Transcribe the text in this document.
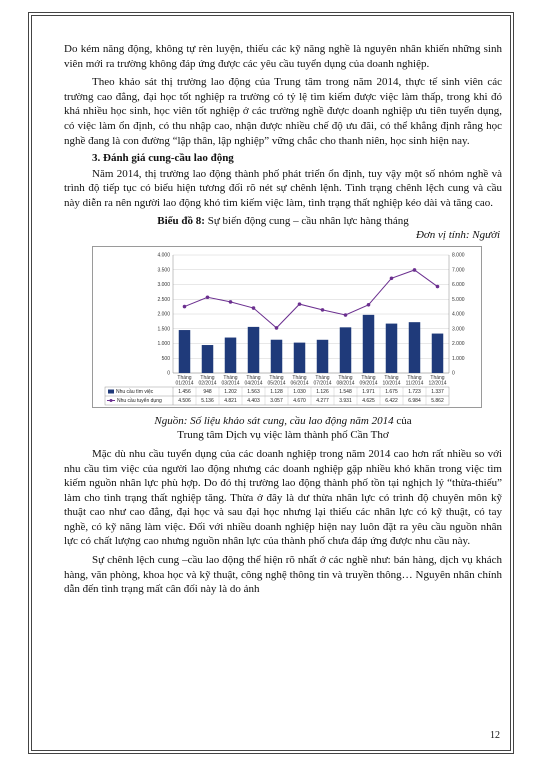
Do kém năng động, không tự rèn luyện, thiếu các kỹ năng nghề là nguyên nhân khiến những sinh viên mới ra trường không đáp ứng được các yêu cầu tuyển dụng của doanh nghiệp.

Theo khảo sát thị trường lao động của Trung tâm trong năm 2014, thực tế sinh viên các trường cao đẳng, đại học tốt nghiệp ra trường có tỷ lệ tìm kiếm được việc làm thấp, trong khi đó khá nhiều học sinh, học viên tốt nghiệp ở các trường nghề được doanh nghiệp ưu tiên tuyển dụng, có việc làm ổn định, có thu nhập cao, nhận được nhiều chế độ ưu đãi, có thể khẳng định rằng học nghề đang là con đường “lập thân, lập nghiệp” vững chắc cho thanh niên, học sinh hiện nay.

3. Đánh giá cung-cầu lao động

Năm 2014, thị trường lao động thành phố phát triển ổn định, tuy vậy một số nhóm nghề và trình độ tiếp tục có biểu hiện tương đối rõ nét sự chênh lệnh. Tình trạng chênh lệch cung và cầu này diễn ra nên người lao động khó tìm kiếm việc làm, tình trạng thất nghiệp kéo dài và tăng cao.

Biểu đồ 8: Sự biến động cung – cầu nhân lực hàng tháng
Đơn vị tính: Người
0
500
1.000
1.500
2.000
2.500
3.000
3.500
4.000
0
1.000
2.000
3.000
4.000
5.000
6.000
7.000
8.000
Tháng
01/2014
Tháng
02/2014
Tháng
03/2014
Tháng
04/2014
Tháng
05/2014
Tháng
06/2014
Tháng
07/2014
Tháng
08/2014
Tháng
09/2014
Tháng
10/2014
Tháng
11/2014
Tháng
12/2014
Nhu cầu tìm việc
Nhu cầu tuyển dụng
1.456	948	1.202 1.563 1.128 1.030 1.126 1.548 1.971 1.675 1.723 1.337
4.506 5.136 4.821 4.403 3.057 4.670 4.277 3.931 4.625 6.422 6.984 5.862
Nguồn: Số liệu khảo sát cung, cầu lao động năm 2014 của
Trung tâm Dịch vụ việc làm thành phố Cần Thơ

Mặc dù nhu cầu tuyển dụng của các doanh nghiệp trong năm 2014 cao hơn rất nhiều so với nhu cầu tìm việc của người lao động nhưng các doanh nghiệp gặp nhiều khó khăn trong việc tìm kiếm nguồn nhân lực phù hợp. Do đó thị trường lao động thành phố tồn tại nghịch lý “thừa-thiếu” làm cho tình trạng thất nghiệp tăng. Thừa ở đây là dư thừa nhân lực có trình độ chuyên môn kỹ thuật cao như cao đẳng, đại học và sau đại học nhưng lại thiếu các nhân lực có kỹ thuật, có tay nghề, có kỹ năng làm việc. Đối với nhiều doanh nghiệp hiện nay luôn đặt ra yêu cầu nguồn nhân lực có chất lượng cao nhưng nguồn nhân lực của thành phố chưa đáp ứng được nhu cầu này.

Sự chênh lệch cung –cầu lao động thể hiện rõ nhất ở các nghề như: bán hàng, dịch vụ khách hàng, văn phòng, khoa học và kỹ thuật, công nghệ thông tin và truyền thông… Nguyên nhân chính dẫn đến tình trạng mất cân đối này là do ảnh

12
